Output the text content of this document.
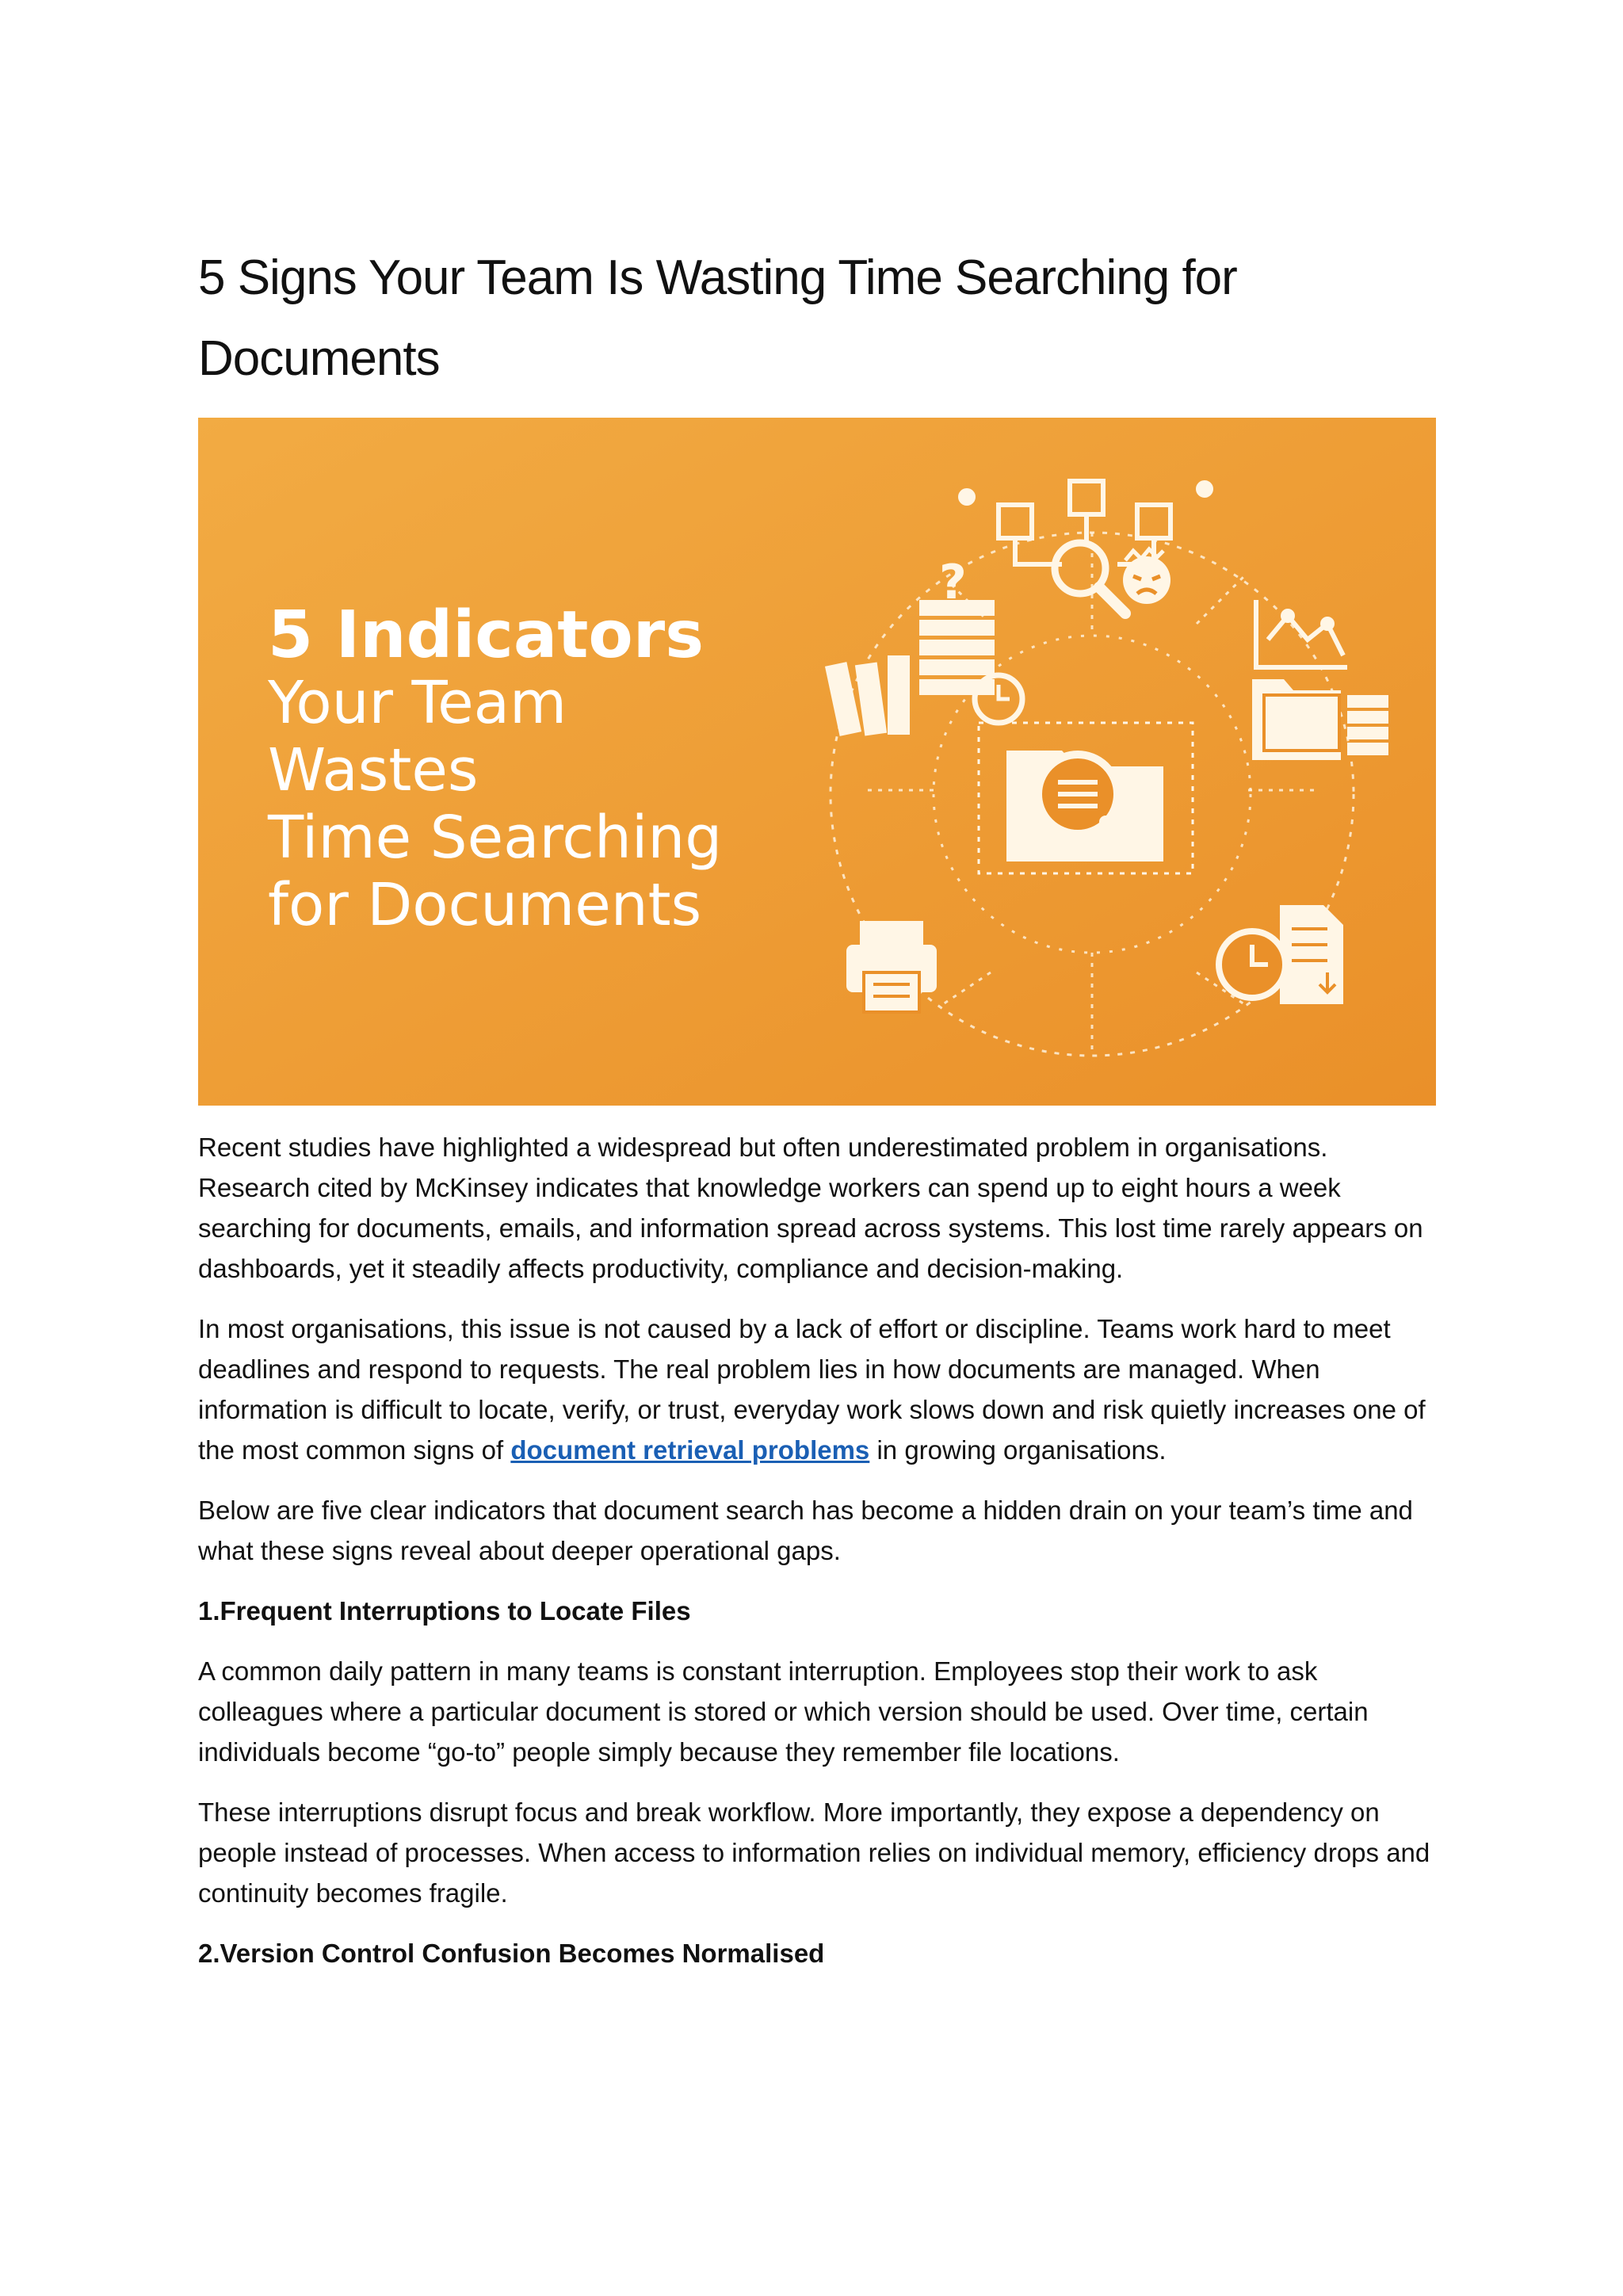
5 Signs Your Team Is Wasting Time Searching for Documents
5 Indicators
Your Team
Wastes
Time Searching
for Documents
?

Recent studies have highlighted a widespread but often underestimated problem in organisations. Research cited by McKinsey indicates that knowledge workers can spend up to eight hours a week searching for documents, emails, and information spread across systems. This lost time rarely appears on dashboards, yet it steadily affects productivity, compliance and decision-making.

In most organisations, this issue is not caused by a lack of effort or discipline. Teams work hard to meet deadlines and respond to requests. The real problem lies in how documents are managed. When information is difficult to locate, verify, or trust, everyday work slows down and risk quietly increases one of the most common signs of document retrieval problems in growing organisations.

Below are five clear indicators that document search has become a hidden drain on your team’s time and what these signs reveal about deeper operational gaps.

1.Frequent Interruptions to Locate Files

A common daily pattern in many teams is constant interruption. Employees stop their work to ask colleagues where a particular document is stored or which version should be used. Over time, certain individuals become “go-to” people simply because they remember file locations.

These interruptions disrupt focus and break workflow. More importantly, they expose a dependency on people instead of processes. When access to information relies on individual memory, efficiency drops and continuity becomes fragile.

2.Version Control Confusion Becomes Normalised
